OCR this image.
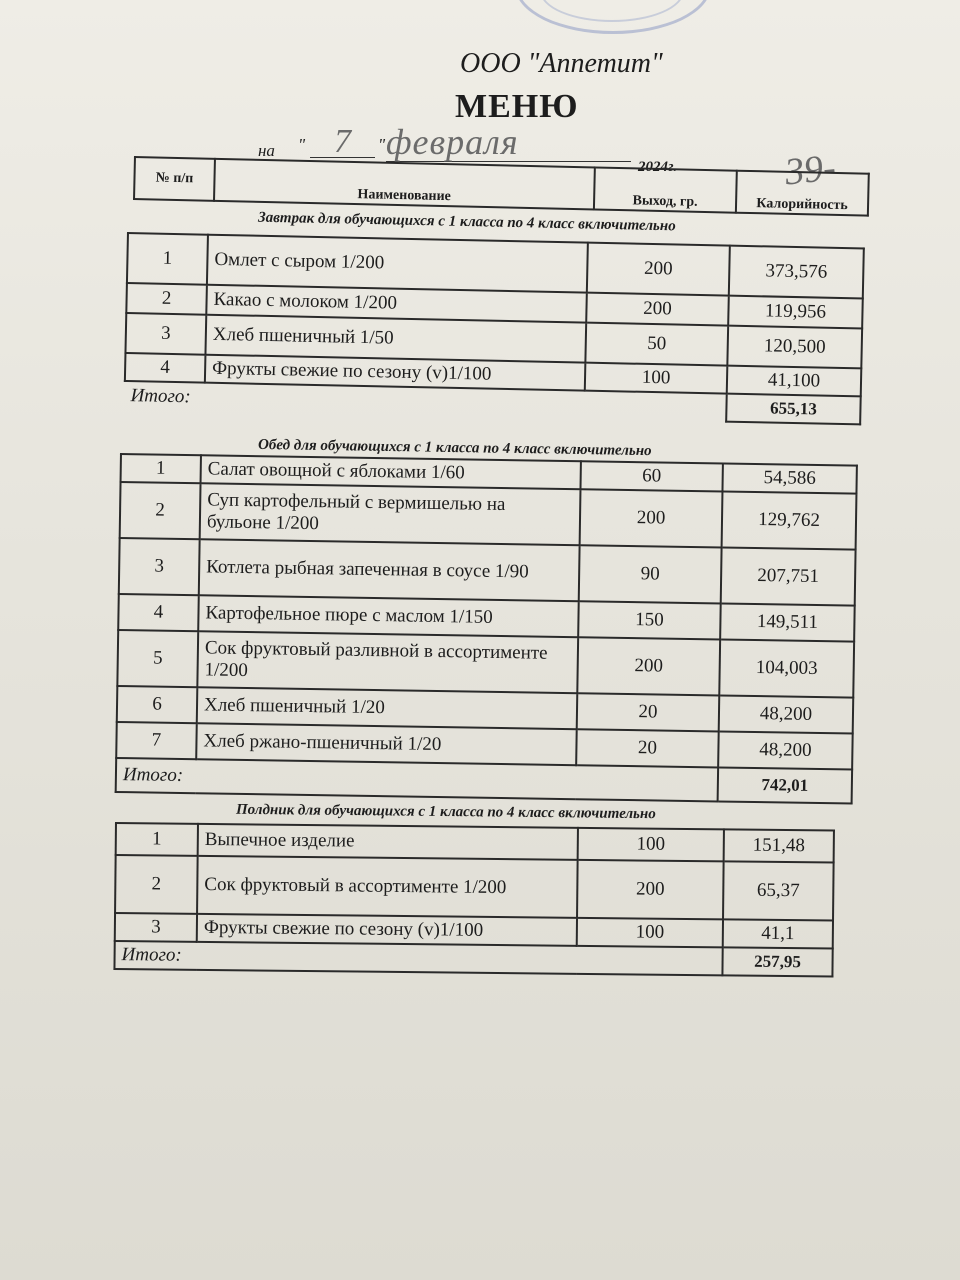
ООО "Аппетит"
МЕНЮ
на " 7	" февраля
2024г.	39-
№ п/п	Наименование	Выход, гр.	Калорийность
Завтрак для обучающихся с 1 класса по 4 класс включительно
1	Омлет с сыром 1/200	200	373,576
2	Какао с молоком 1/200	200	119,956
3	Хлеб пшеничный 1/50	50	120,500
4	Фрукты свежие по сезону (v)1/100	100	41,100
Итого:			655,13
Обед для обучающихся с 1 класса по 4 класс включительно
1	Салат овощной с яблоками 1/60	60	54,586
2	Суп картофельный с вермишелью на бульоне 1/200	200	129,762
3	Котлета рыбная запеченная в соусе 1/90	90	207,751
4	Картофельное пюре с маслом 1/150	150	149,511
5	Сок фруктовый разливной в ассортименте 1/200	200	104,003
6	Хлеб пшеничный 1/20	20	48,200
7	Хлеб ржано-пшеничный 1/20	20	48,200
Итого:			742,01
Полдник для обучающихся с 1 класса по 4 класс включительно
1	Выпечное изделие	100	151,48
2	Сок фруктовый в ассортименте 1/200	200	65,37
3	Фрукты свежие по сезону (v)1/100	100	41,1
Итого:			257,95
